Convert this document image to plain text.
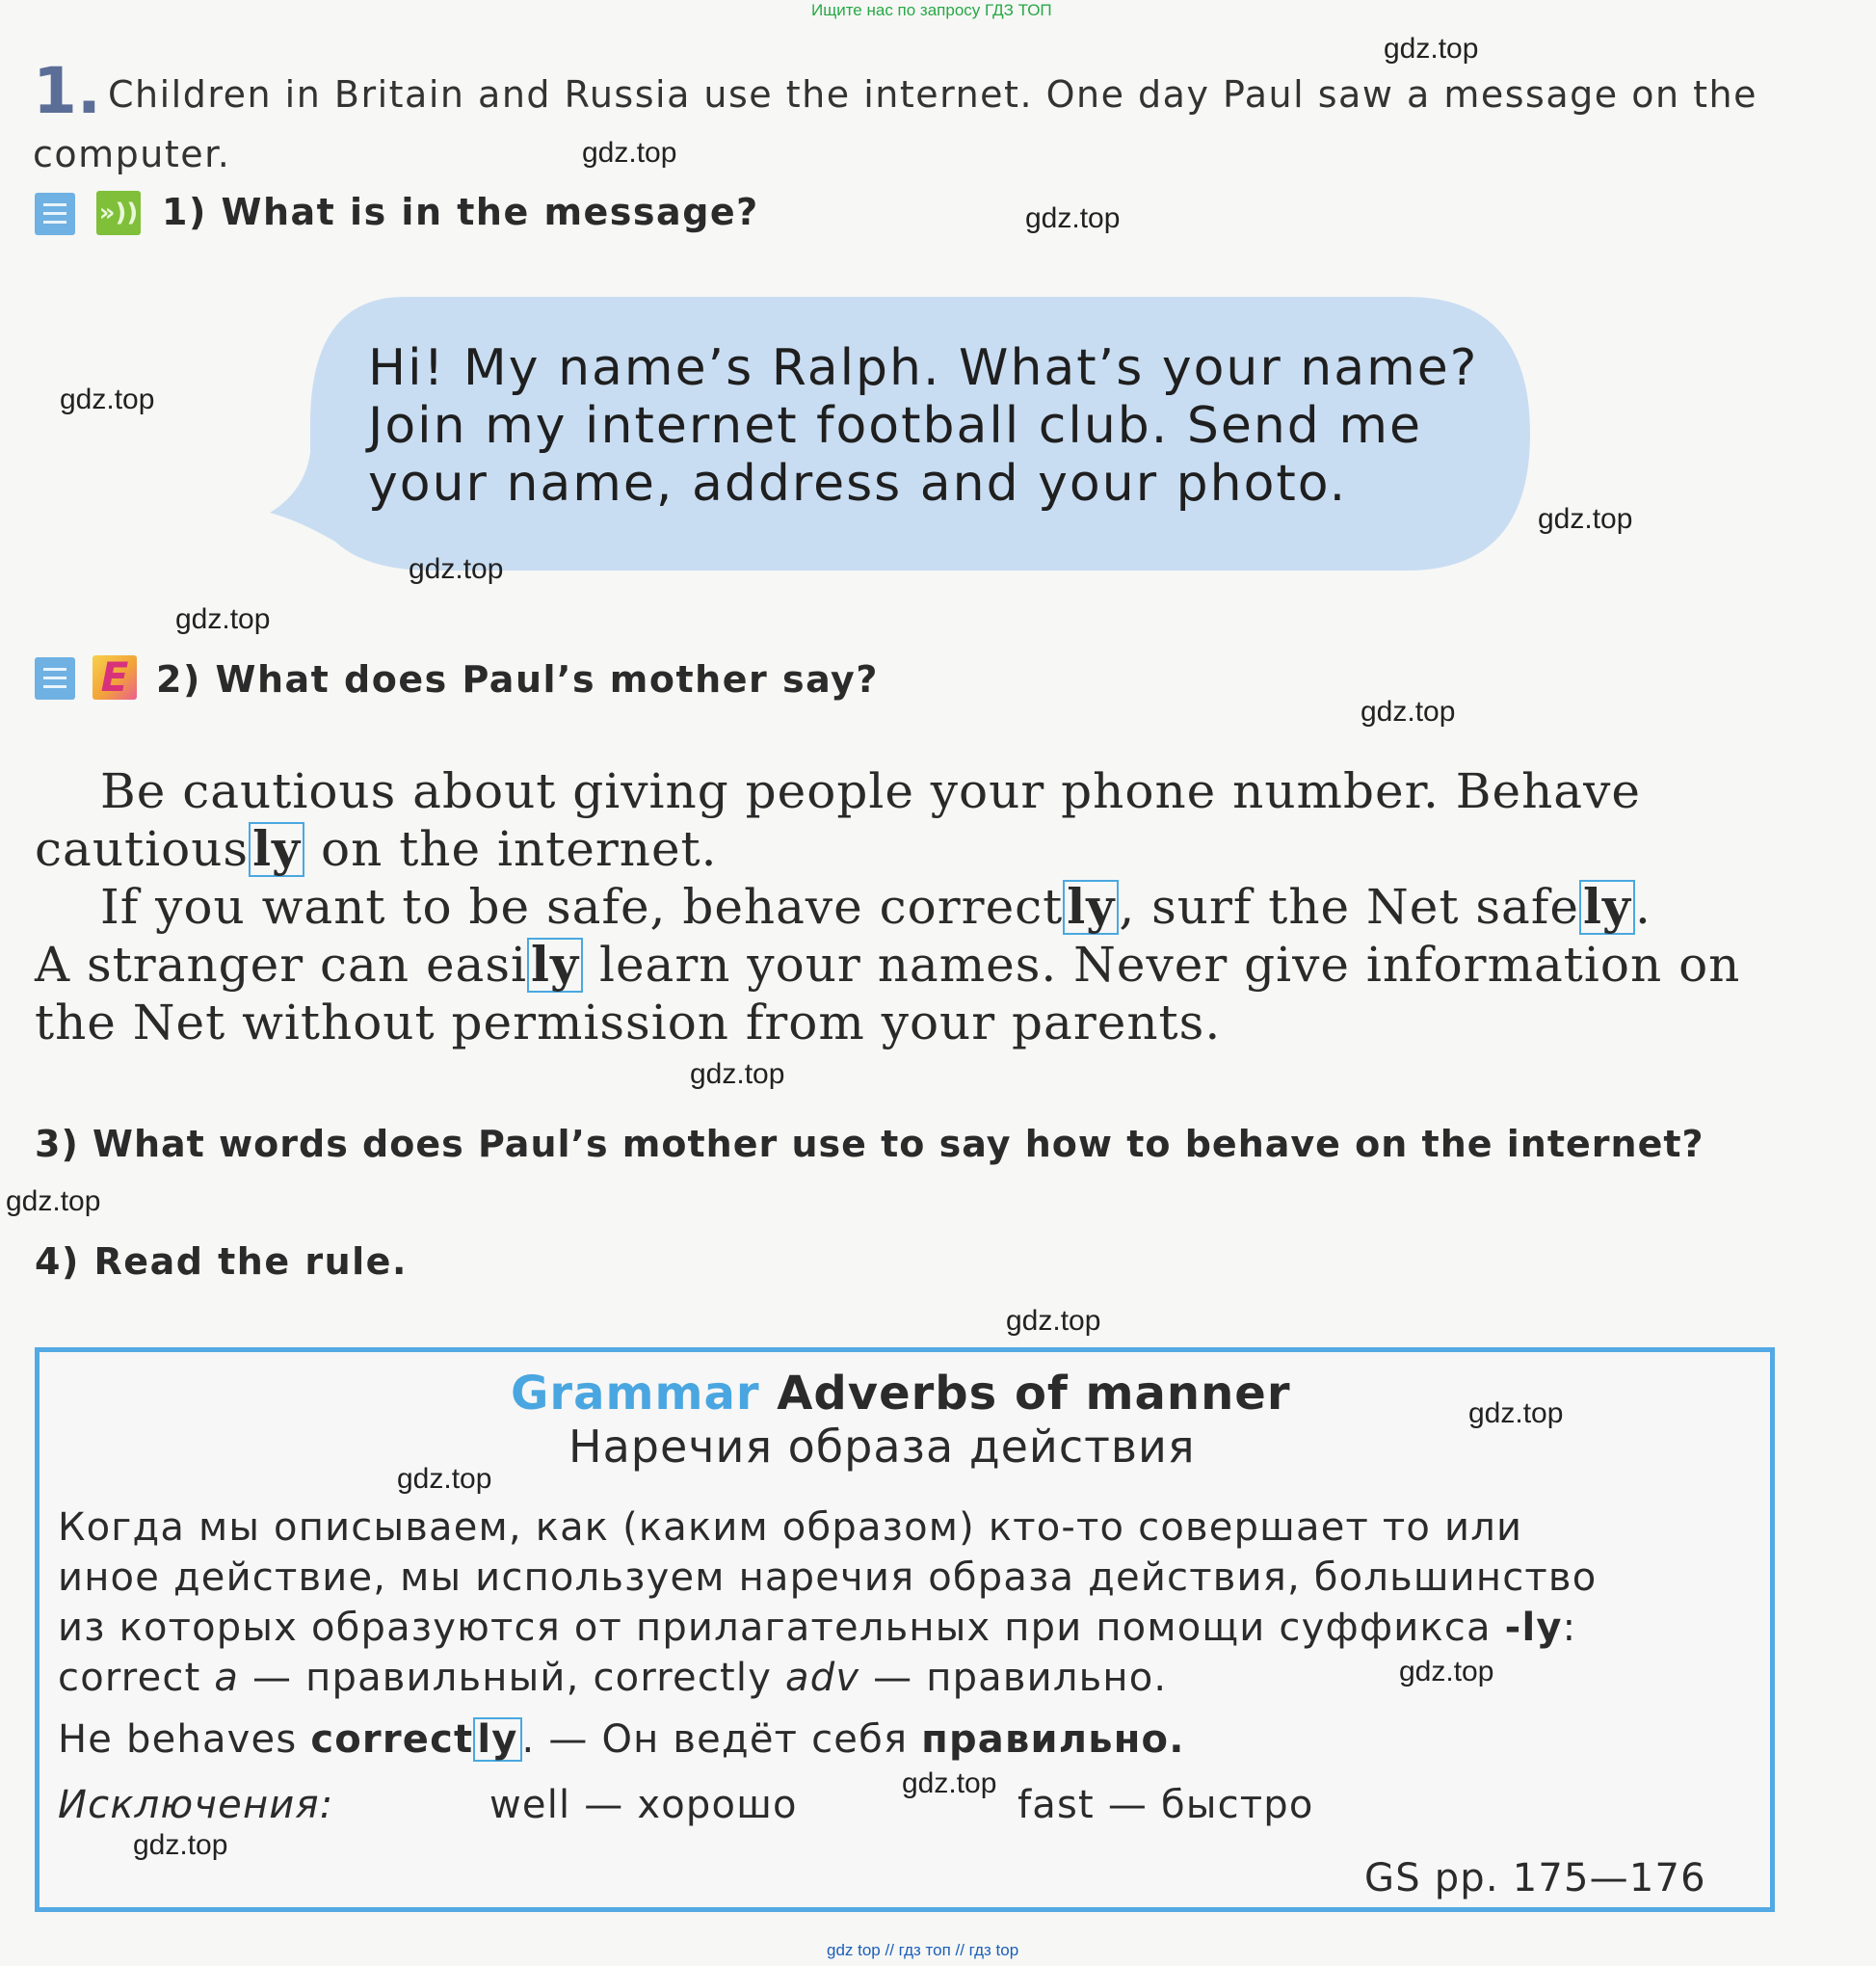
Ищите нас по запросу ГДЗ ТОП
1. Children in Britain and Russia use the internet. One day Paul saw a message on the
computer.
»)) 1) What is in the message?
Hi! My name’s Ralph. What’s your name?
Join my internet football club. Send me
your name, address and your photo.
E 2) What does Paul’s mother say?
Be cautious about giving people your phone number. Behave
cautiously on the internet.
If you want to be safe, behave correctly, surf the Net safely.
A stranger can easily learn your names. Never give information on
the Net without permission from your parents.
3) What words does Paul’s mother use to say how to behave on the internet?
4) Read the rule.
Grammar Adverbs of manner
Наречия образа действия
Когда мы описываем, как (каким образом) кто-то совершает то или
иное действие, мы используем наречия образа действия, большинство
из которых образуются от прилагательных при помощи суффикса -ly:
correct a — правильный, correctly adv — правильно.
He behaves correct ly . — Он ведёт себя правильно.
Исключения:	well — хорошо	fast — быстро
GS pp. 175—176
gdz.top
gdz.top
gdz.top
gdz.top
gdz.top
gdz.top
gdz.top
gdz.top
gdz.top
gdz.top
gdz.top
gdz.top
gdz.top
gdz.top
gdz.top
gdz.top
gdz top // гдз топ // гдз top
